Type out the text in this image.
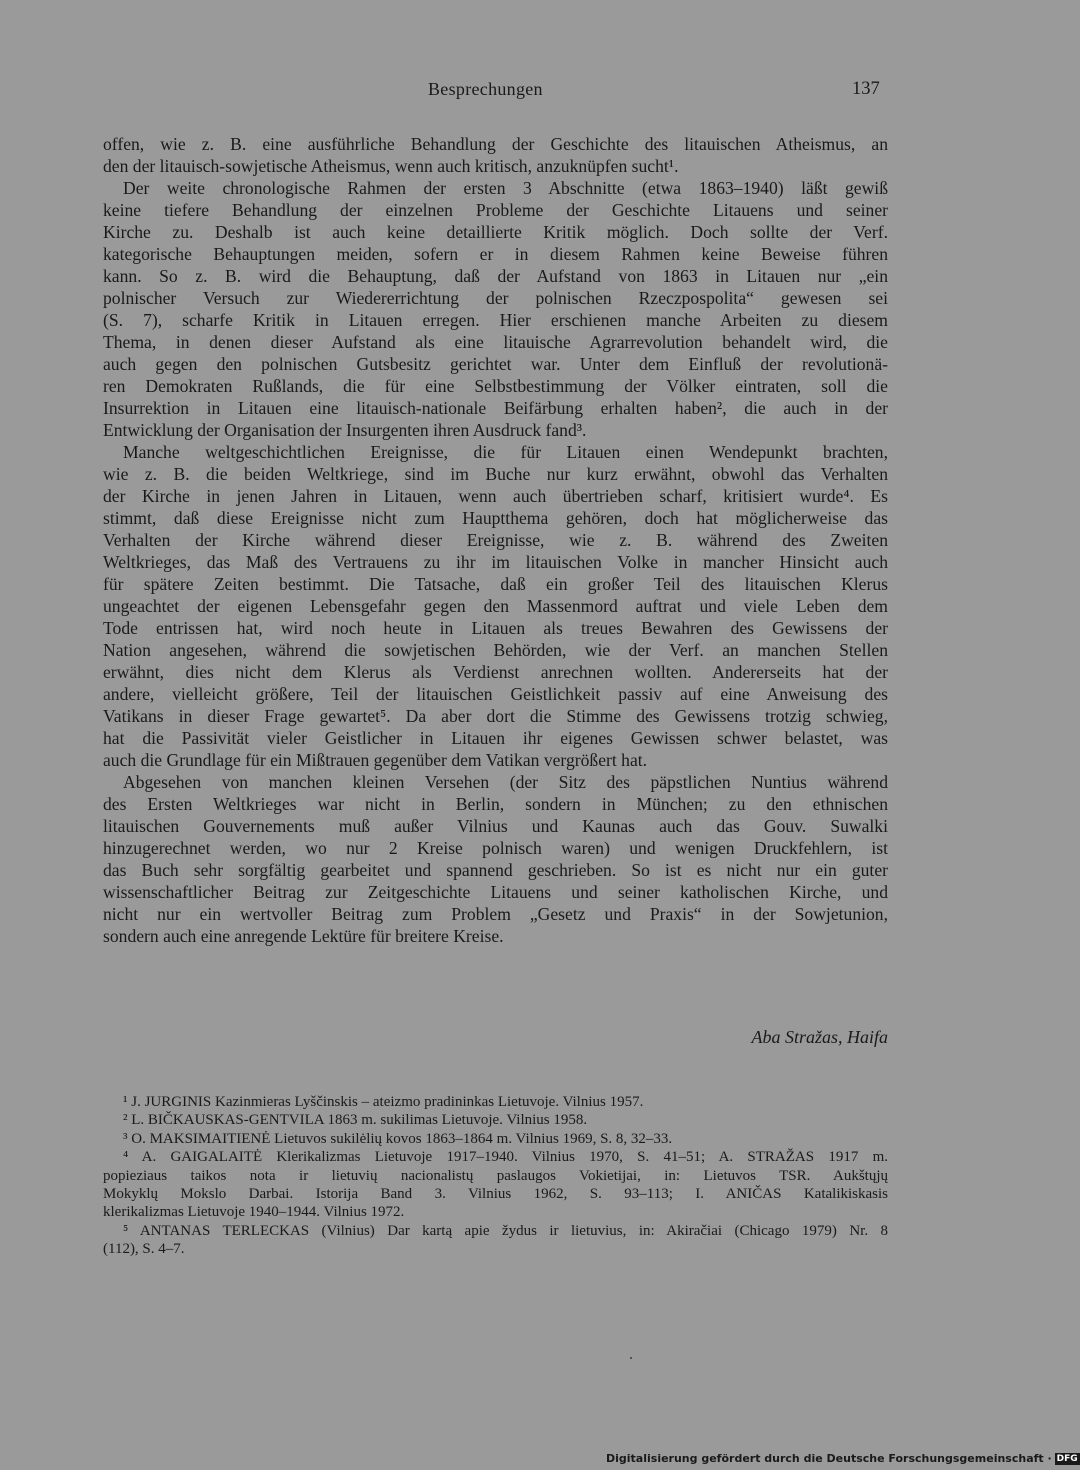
Besprechungen	137
offen, wie z. B. eine ausführliche Behandlung der Geschichte des litauischen Atheismus, an
den der litauisch-sowjetische Atheismus, wenn auch kritisch, anzuknüpfen sucht¹.
Der weite chronologische Rahmen der ersten 3 Abschnitte (etwa 1863–1940) läßt gewiß
keine tiefere Behandlung der einzelnen Probleme der Geschichte Litauens und seiner
Kirche zu. Deshalb ist auch keine detaillierte Kritik möglich. Doch sollte der Verf.
kategorische Behauptungen meiden, sofern er in diesem Rahmen keine Beweise führen
kann. So z. B. wird die Behauptung, daß der Aufstand von 1863 in Litauen nur „ein
polnischer Versuch zur Wiedererrichtung der polnischen Rzeczpospolita“ gewesen sei
(S. 7), scharfe Kritik in Litauen erregen. Hier erschienen manche Arbeiten zu diesem
Thema, in denen dieser Aufstand als eine litauische Agrarrevolution behandelt wird, die
auch gegen den polnischen Gutsbesitz gerichtet war. Unter dem Einfluß der revolutionä-
ren Demokraten Rußlands, die für eine Selbstbestimmung der Völker eintraten, soll die
Insurrektion in Litauen eine litauisch-nationale Beifärbung erhalten haben², die auch in der
Entwicklung der Organisation der Insurgenten ihren Ausdruck fand³.
Manche weltgeschichtlichen Ereignisse, die für Litauen einen Wendepunkt brachten,
wie z. B. die beiden Weltkriege, sind im Buche nur kurz erwähnt, obwohl das Verhalten
der Kirche in jenen Jahren in Litauen, wenn auch übertrieben scharf, kritisiert wurde⁴. Es
stimmt, daß diese Ereignisse nicht zum Hauptthema gehören, doch hat möglicherweise das
Verhalten der Kirche während dieser Ereignisse, wie z. B. während des Zweiten
Weltkrieges, das Maß des Vertrauens zu ihr im litauischen Volke in mancher Hinsicht auch
für spätere Zeiten bestimmt. Die Tatsache, daß ein großer Teil des litauischen Klerus
ungeachtet der eigenen Lebensgefahr gegen den Massenmord auftrat und viele Leben dem
Tode entrissen hat, wird noch heute in Litauen als treues Bewahren des Gewissens der
Nation angesehen, während die sowjetischen Behörden, wie der Verf. an manchen Stellen
erwähnt, dies nicht dem Klerus als Verdienst anrechnen wollten. Andererseits hat der
andere, vielleicht größere, Teil der litauischen Geistlichkeit passiv auf eine Anweisung des
Vatikans in dieser Frage gewartet⁵. Da aber dort die Stimme des Gewissens trotzig schwieg,
hat die Passivität vieler Geistlicher in Litauen ihr eigenes Gewissen schwer belastet, was
auch die Grundlage für ein Mißtrauen gegenüber dem Vatikan vergrößert hat.
Abgesehen von manchen kleinen Versehen (der Sitz des päpstlichen Nuntius während
des Ersten Weltkrieges war nicht in Berlin, sondern in München; zu den ethnischen
litauischen Gouvernements muß außer Vilnius und Kaunas auch das Gouv. Suwalki
hinzugerechnet werden, wo nur 2 Kreise polnisch waren) und wenigen Druckfehlern, ist
das Buch sehr sorgfältig gearbeitet und spannend geschrieben. So ist es nicht nur ein guter
wissenschaftlicher Beitrag zur Zeitgeschichte Litauens und seiner katholischen Kirche, und
nicht nur ein wertvoller Beitrag zum Problem „Gesetz und Praxis“ in der Sowjetunion,
sondern auch eine anregende Lektüre für breitere Kreise.
Aba Stražas, Haifa
¹ J. JURGINIS Kazinmieras Lyščinskis – ateizmo pradininkas Lietuvoje. Vilnius 1957.
² L. BIČKAUSKAS-GENTVILA 1863 m. sukilimas Lietuvoje. Vilnius 1958.
³ O. MAKSIMAITIENĖ Lietuvos sukilėlių kovos 1863–1864 m. Vilnius 1969, S. 8, 32–33.
⁴ A. GAIGALAITĖ Klerikalizmas Lietuvoje 1917–1940. Vilnius 1970, S. 41–51; A. STRAŽAS 1917 m.
popieziaus taikos nota ir lietuvių nacionalistų paslaugos Vokietijai, in: Lietuvos TSR. Aukštųjų
Mokyklų Mokslo Darbai. Istorija Band 3. Vilnius 1962, S. 93–113; I. ANIČAS Katalikiskasis
klerikalizmas Lietuvoje 1940–1944. Vilnius 1972.
⁵ ANTANAS TERLECKAS (Vilnius) Dar kartą apie žydus ir lietuvius, in: Akiračiai (Chicago 1979) Nr. 8
(112), S. 4–7.
Digitalisierung gefördert durch die Deutsche Forschungsgemeinschaft · DFG
